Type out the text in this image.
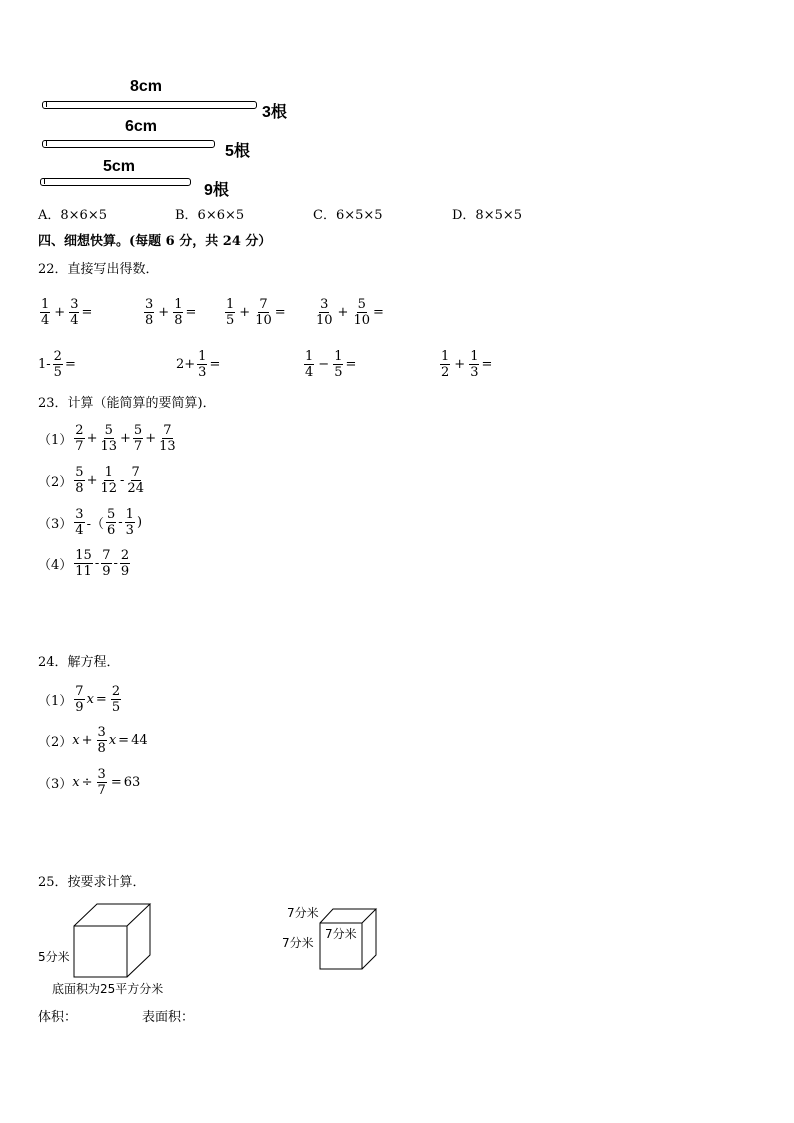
8cm
3根
6cm
5根
5cm
9根
A．8×6×5	B．6×6×5	C．6×5×5	D．8×5×5
四、细想快算。(每题 6 分，共 24 分）
22．直接写出得数．
$\frac{1}{4} + \frac{3}{4}$ =	$\frac{3}{8} + \frac{1}{8} = \frac{1}{5} + \frac{7}{10} = \frac{3}{10} + \frac{5}{10}$ =
$1- \frac{2}{5}$ =	$2+ \frac{1}{3}$ =	$\frac{1}{4} - \frac{1}{5}$ =	$\frac{1}{2} + \frac{1}{3}$ =
23．计算（能简算的要简算)．
$(1) \frac{2}{7} + \frac{5}{13} + \frac{5}{7} + \frac{7}{13}$
$(2) \frac{5}{8} + \frac{1}{12} - \frac{7}{24}$
$(3) \frac{3}{4}$ -（ $\frac{5}{6} - \frac{1}{3}$ )
$(4) \frac{15}{11} - \frac{7}{9} - \frac{2}{9}$
24．解方程．
$(1) \frac{7}{9}$ $x = \frac{2}{5}$
（2） $x + \frac{3}{8}$ x = 44
（3） $x \div \frac{3}{7} = 63$
25．按要求计算．
5分米
底面积为25平方分米
7分米
7分米
7分米
体积：	表面积：
